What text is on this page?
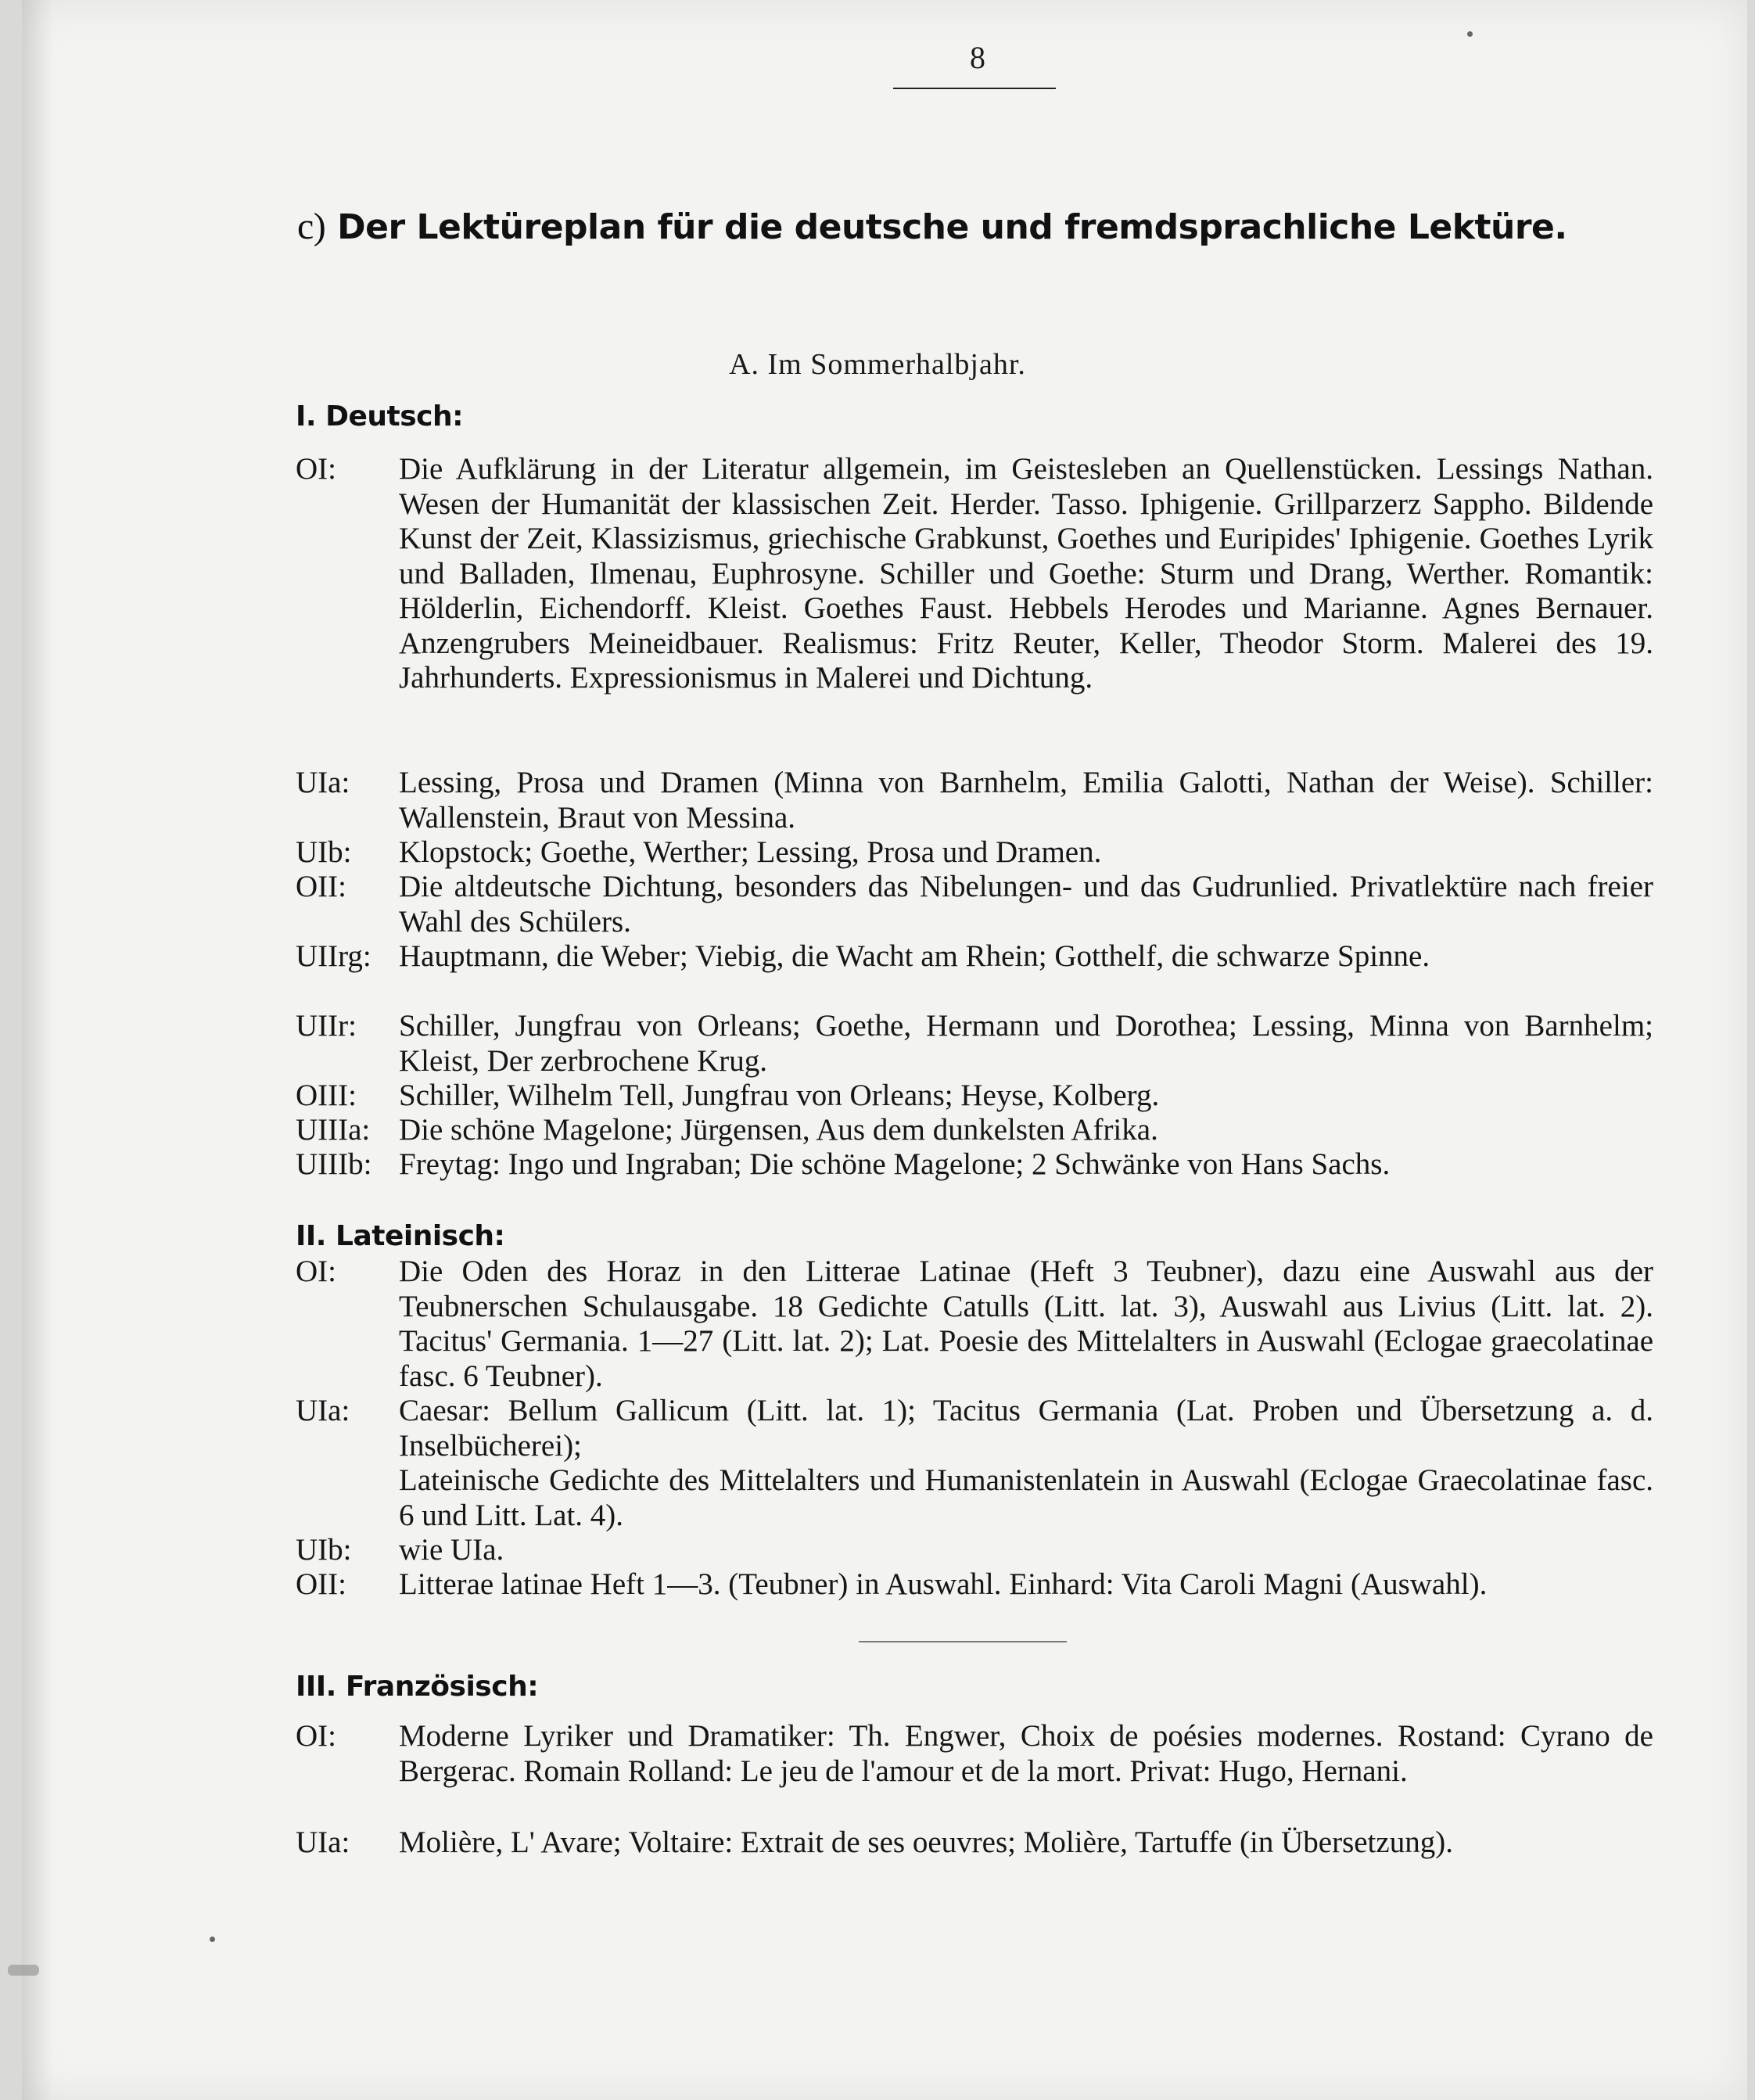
8
c) Der Lektüreplan für die deutsche und fremdsprachliche Lektüre.
A. Im Sommerhalbjahr.
I. Deutsch:
OI:	Die Aufklärung in der Literatur allgemein, im Geistesleben an Quellenstücken. Lessings Nathan. Wesen der Humanität der klassischen Zeit. Herder. Tasso. Iphigenie. Grillparzerz Sappho. Bildende Kunst der Zeit, Klassizismus, griechische Grabkunst, Goethes und Euripides' Iphigenie. Goethes Lyrik und Balladen, Ilmenau, Euphrosyne. Schiller und Goethe: Sturm und Drang, Werther. Romantik: Hölderlin, Eichendorff. Kleist. Goethes Faust. Hebbels Herodes und Marianne. Agnes Bernauer. Anzengrubers Meineidbauer. Realismus: Fritz Reuter, Keller, Theodor Storm. Malerei des 19. Jahrhunderts. Expressionismus in Malerei und Dichtung.
UIa:	Lessing, Prosa und Dramen (Minna von Barnhelm, Emilia Galotti, Nathan der Weise). Schiller: Wallenstein, Braut von Messina.
UIb:	Klopstock; Goethe, Werther; Lessing, Prosa und Dramen.
OII:	Die altdeutsche Dichtung, besonders das Nibelungen- und das Gudrunlied. Privatlektüre nach freier Wahl des Schülers.
UIIrg: Hauptmann, die Weber; Viebig, die Wacht am Rhein; Gotthelf, die schwarze Spinne.
UIIr:	Schiller, Jungfrau von Orleans; Goethe, Hermann und Dorothea; Lessing, Minna von Barnhelm; Kleist, Der zerbrochene Krug.
OIII:	Schiller, Wilhelm Tell, Jungfrau von Orleans; Heyse, Kolberg.
UIIIa: Die schöne Magelone; Jürgensen, Aus dem dunkelsten Afrika.
UIIIb: Freytag: Ingo und Ingraban; Die schöne Magelone; 2 Schwänke von Hans Sachs.
II. Lateinisch:
OI:	Die Oden des Horaz in den Litterae Latinae (Heft 3 Teubner), dazu eine Auswahl aus der Teubnerschen Schulausgabe. 18 Gedichte Catulls (Litt. lat. 3), Auswahl aus Livius (Litt. lat. 2). Tacitus' Germania. 1—27 (Litt. lat. 2); Lat. Poesie des Mittelalters in Auswahl (Eclogae graecolatinae fasc. 6 Teubner).
UIa:	Caesar: Bellum Gallicum (Litt. lat. 1); Tacitus Germania (Lat. Proben und Übersetzung a. d. Inselbücherei);
Lateinische Gedichte des Mittelalters und Humanistenlatein in Auswahl (Eclogae Graecolatinae fasc. 6 und Litt. Lat. 4).
UIb:	wie UIa.
OII:	Litterae latinae Heft 1—3. (Teubner) in Auswahl. Einhard: Vita Caroli Magni (Auswahl).
III. Französisch:
OI:	Moderne Lyriker und Dramatiker: Th. Engwer, Choix de poésies modernes. Rostand: Cyrano de Bergerac. Romain Rolland: Le jeu de l'amour et de la mort. Privat: Hugo, Hernani.
UIa:	Molière, L' Avare; Voltaire: Extrait de ses oeuvres; Molière, Tartuffe (in Übersetzung).
